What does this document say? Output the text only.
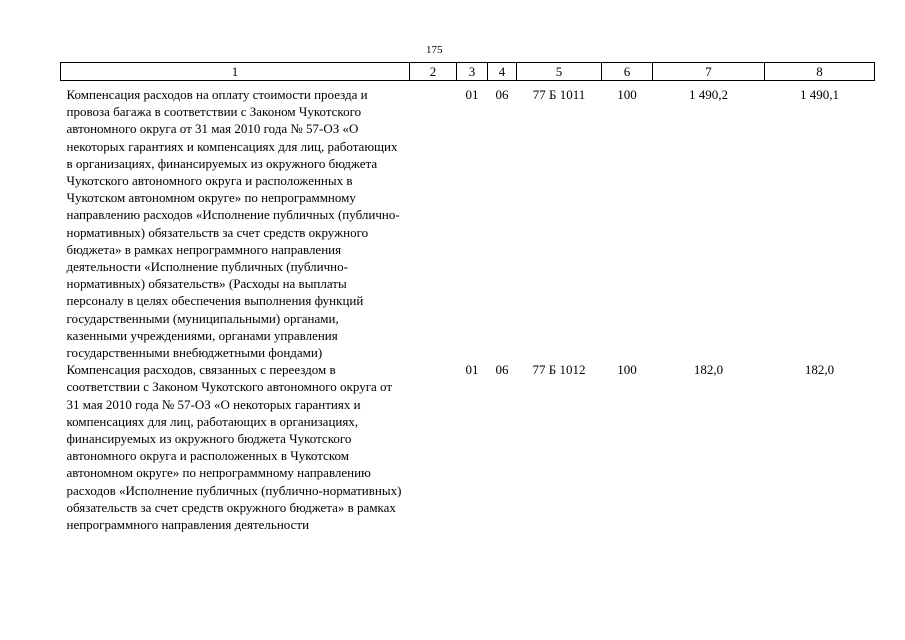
175
1	2	3	4	5	6	7	8
Компенсация расходов на оплату стоимости проезда и провоза багажа в соответствии с Законом Чукотского автономного округа от 31 мая 2010 года № 57-ОЗ «О некоторых гарантиях и компенсациях для лиц, работающих в организациях, финансируемых из окружного бюджета Чукотского автономного округа и расположенных в Чукотском автономном округе» по непрограммному направлению расходов «Исполнение публичных (публично-нормативных) обязательств за счет средств окружного бюджета» в рамках непрограммного направления деятельности «Исполнение публичных (публично-нормативных) обязательств» (Расходы на выплаты персоналу в целях обеспечения выполнения функций государственными (муниципальными) органами, казенными учреждениями, органами управления государственными внебюджетными фондами)		01	06	77 Б 1011	100	1 490,2	1 490,1
Компенсация расходов, связанных с переездом в соответствии с Законом Чукотского автономного округа от 31 мая 2010 года № 57-ОЗ «О некоторых гарантиях и компенсациях для лиц, работающих в организациях, финансируемых из окружного бюджета Чукотского автономного округа и расположенных в Чукотском автономном округе» по непрограммному направлению расходов «Исполнение публичных (публично-нормативных) обязательств за счет средств окружного бюджета» в рамках непрограммного направления деятельности		01	06	77 Б 1012	100	182,0	182,0
